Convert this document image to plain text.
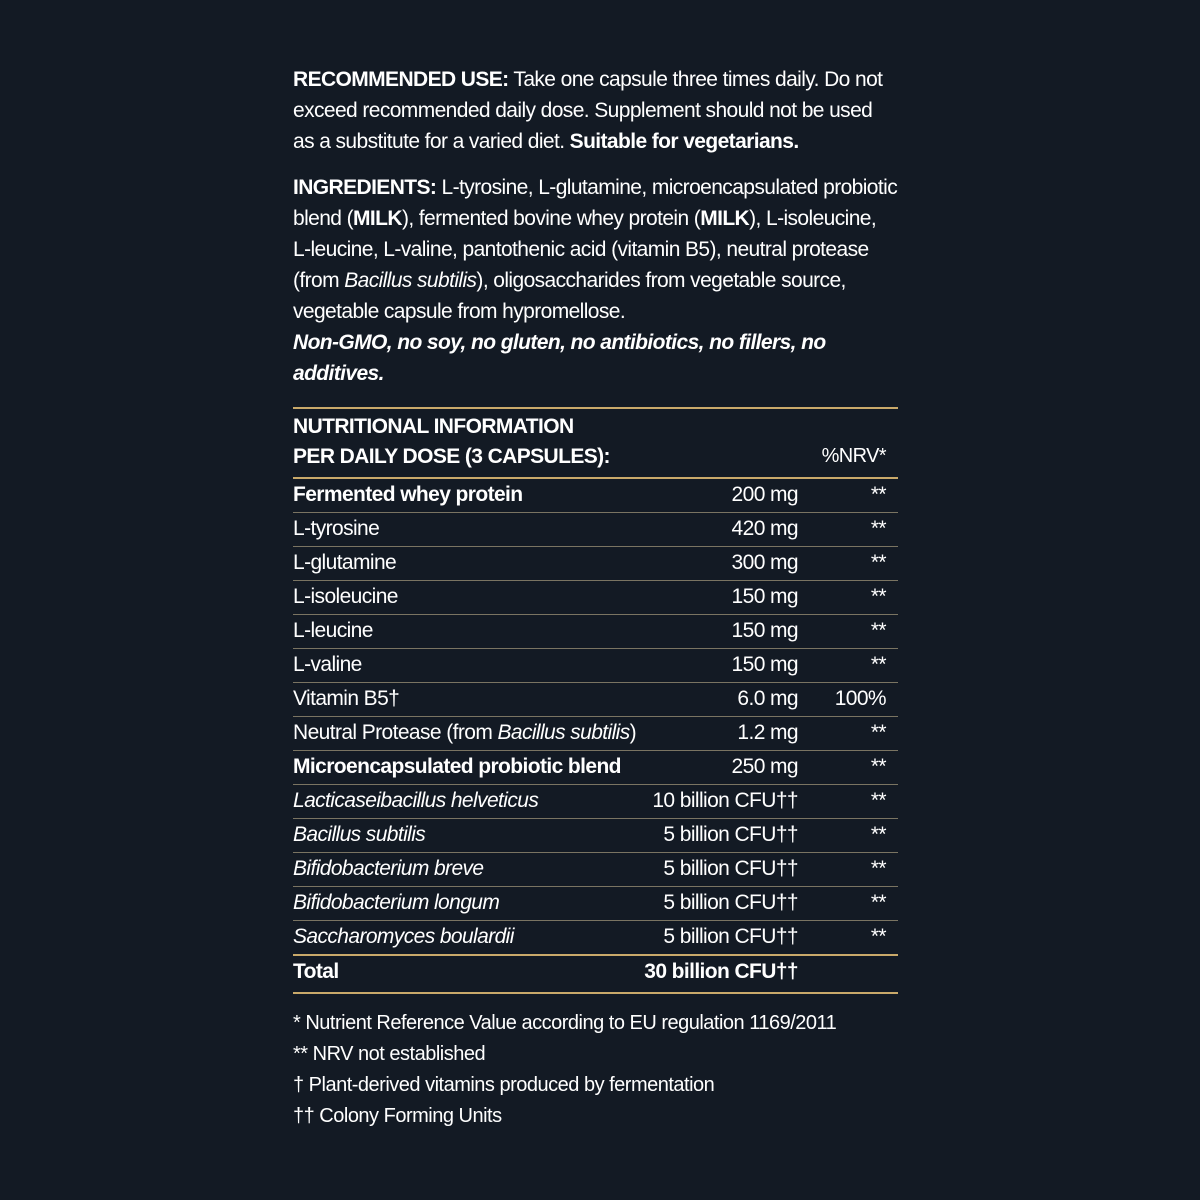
RECOMMENDED USE: Take one capsule three times daily. Do not exceed recommended daily dose. Supplement should not be used as a substitute for a varied diet. Suitable for vegetarians.

INGREDIENTS: L-tyrosine, L-glutamine, microencapsulated probiotic blend (MILK), fermented bovine whey protein (MILK), L-isoleucine, L-leucine, L-valine, pantothenic acid (vitamin B5), neutral protease (from Bacillus subtilis), oligosaccharides from vegetable source, vegetable capsule from hypromellose.

Non-GMO, no soy, no gluten, no antibiotics, no fillers, no additives.

NUTRITIONAL INFORMATION
PER DAILY DOSE (3 CAPSULES):	%NRV*
Fermented whey protein	200 mg	**
L-tyrosine	420 mg	**
L-glutamine	300 mg	**
L-isoleucine	150 mg	**
L-leucine	150 mg	**
L-valine	150 mg	**
Vitamin B5†	6.0 mg 100%
Neutral Protease (from Bacillus subtilis)	1.2 mg	**
Microencapsulated probiotic blend	250 mg	**
Lacticaseibacillus helveticus	10 billion CFU††	**
Bacillus subtilis	5 billion CFU††	**
Bifidobacterium breve	5 billion CFU††	**
Bifidobacterium longum	5 billion CFU††	**
Saccharomyces boulardii	5 billion CFU††	**
Total	30 billion CFU††
* Nutrient Reference Value according to EU regulation 1169/2011
** NRV not established
† Plant-derived vitamins produced by fermentation
†† Colony Forming Units
